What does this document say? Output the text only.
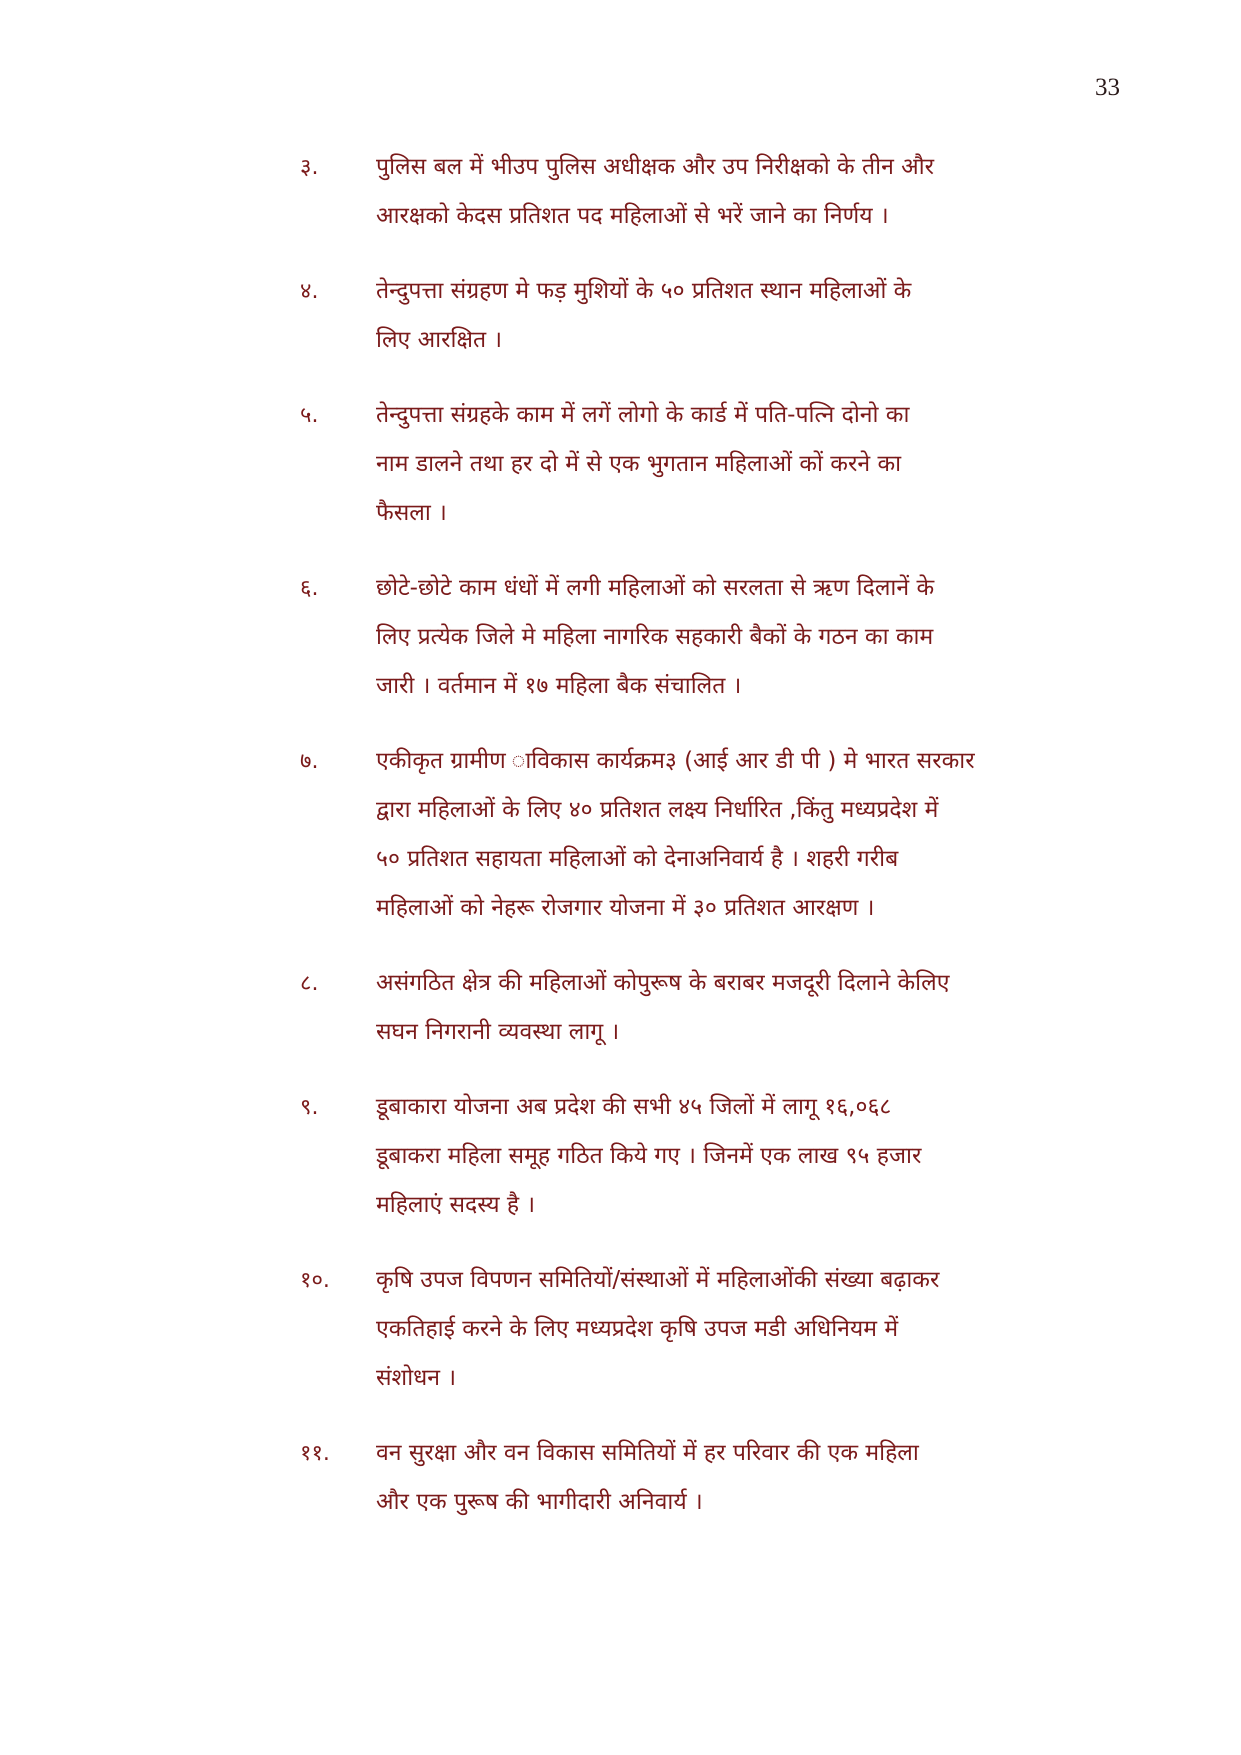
33
३.	पुलिस बल में भीउप पुलिस अधीक्षक और उप निरीक्षको के तीन और
आरक्षको केदस प्रतिशत पद महिलाओं से भरें जाने का निर्णय ।
४.	तेन्दुपत्ता संग्रहण मे फड़ मुशियों के ५० प्रतिशत स्थान महिलाओं के
लिए आरक्षित ।
५.	तेन्दुपत्ता संग्रहके काम में लगें लोगो के कार्ड में पति-पत्नि दोनो का
नाम डालने तथा हर दो में से एक भुगतान महिलाओं कों करने का
फैसला ।
६.	छोटे-छोटे काम धंधों में लगी महिलाओं को सरलता से ऋण दिलानें के
लिए प्रत्येक जिले मे महिला नागरिक सहकारी बैकों के गठन का काम
जारी । वर्तमान में १७ महिला बैक संचालित ।
७.	एकीकृत ग्रामीण ाविकास कार्यक्रम३ (आई आर डी पी ) मे भारत सरकार
द्वारा महिलाओं के लिए ४० प्रतिशत लक्ष्य निर्धारित ,किंतु मध्यप्रदेश में
५० प्रतिशत सहायता महिलाओं को देनाअनिवार्य है । शहरी गरीब
महिलाओं को नेहरू रोजगार योजना में ३० प्रतिशत आरक्षण ।
८.	असंगठित क्षेत्र की महिलाओं कोपुरूष के बराबर मजदूरी दिलाने केलिए
सघन निगरानी व्यवस्था लागू ।
९.	डूबाकारा योजना अब प्रदेश की सभी ४५ जिलों में लागू १६,०६८
डूबाकरा महिला समूह गठित किये गए । जिनमें एक लाख ९५ हजार
महिलाएं सदस्य है ।
१०.	कृषि उपज विपणन समितियों/संस्थाओं में महिलाओंकी संख्या बढ़ाकर
एकतिहाई करने के लिए मध्यप्रदेश कृषि उपज मडी अधिनियम में
संशोधन ।
११.	वन सुरक्षा और वन विकास समितियों में हर परिवार की एक महिला
और एक पुरूष की भागीदारी अनिवार्य ।
